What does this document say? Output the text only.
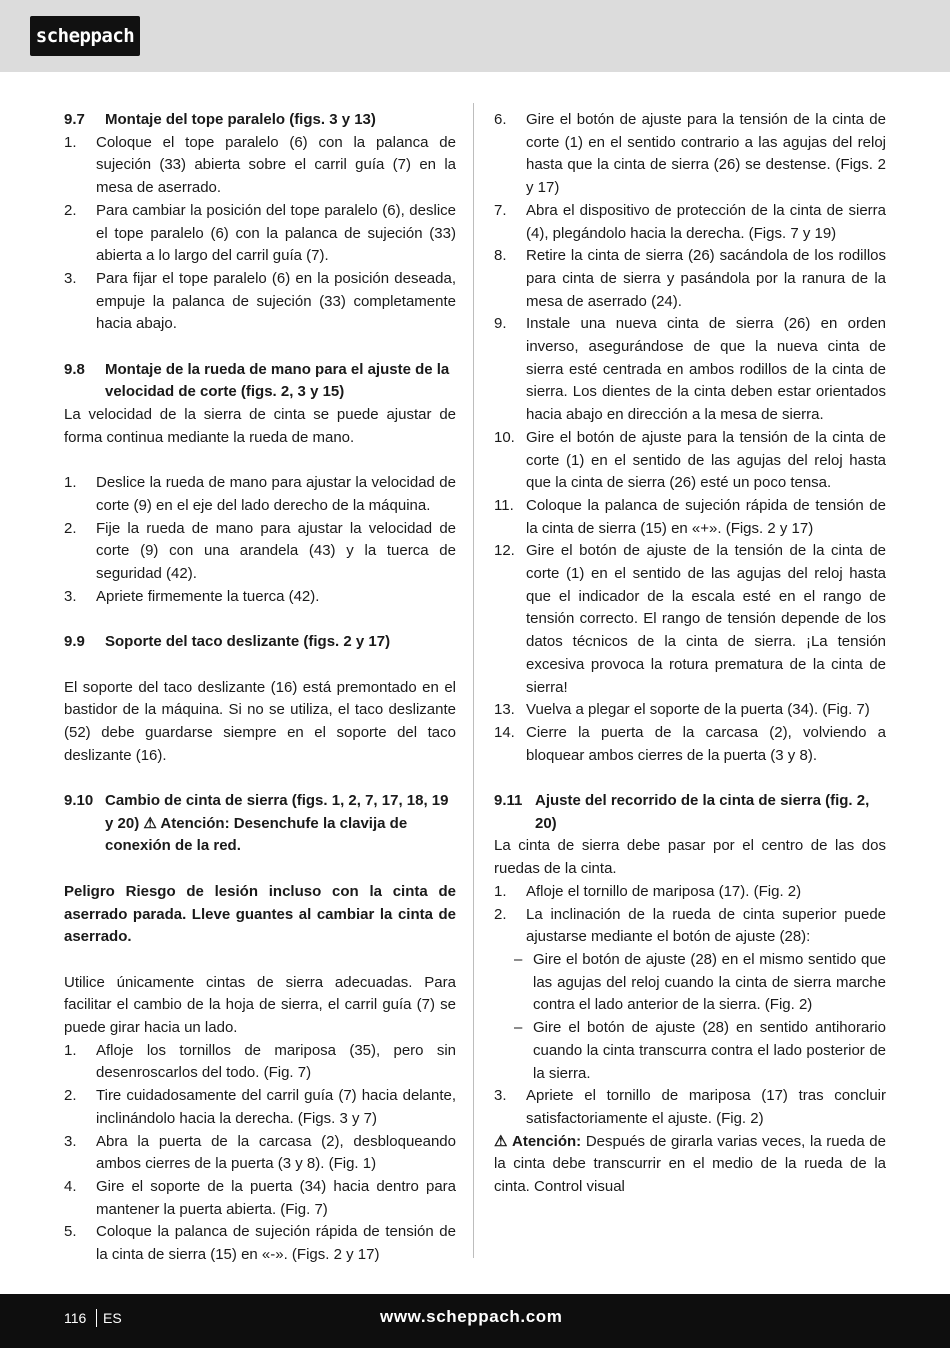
scheppach
9.7	Montaje del tope paralelo (figs. 3 y 13)
1.	Coloque el tope paralelo (6) con la palanca de sujeción (33) abierta sobre el carril guía (7) en la mesa de aserrado.
2.	Para cambiar la posición del tope paralelo (6), deslice el tope paralelo (6) con la palanca de sujeción (33) abierta a lo largo del carril guía (7).
3.	Para fijar el tope paralelo (6) en la posición deseada, empuje la palanca de sujeción (33) completamente hacia abajo.
9.8	Montaje de la rueda de mano para el ajuste de la velocidad de corte (figs. 2, 3 y 15)
La velocidad de la sierra de cinta se puede ajustar de forma continua mediante la rueda de mano.
1.	Deslice la rueda de mano para ajustar la velocidad de corte (9) en el eje del lado derecho de la máquina.
2.	Fije la rueda de mano para ajustar la velocidad de corte (9) con una arandela (43) y la tuerca de seguridad (42).
3.	Apriete firmemente la tuerca (42).
9.9	Soporte del taco deslizante (figs. 2 y 17)
El soporte del taco deslizante (16) está premontado en el bastidor de la máquina. Si no se utiliza, el taco deslizante (52) debe guardarse siempre en el soporte del taco deslizante (16).
9.10 Cambio de cinta de sierra (figs. 1, 2, 7, 17, 18, 19 y 20) ⚠ Atención: Desenchufe la clavija de conexión de la red.
Peligro Riesgo de lesión incluso con la cinta de aserrado parada. Lleve guantes al cambiar la cinta de aserrado.
Utilice únicamente cintas de sierra adecuadas. Para facilitar el cambio de la hoja de sierra, el carril guía (7) se puede girar hacia un lado.
1.	Afloje los tornillos de mariposa (35), pero sin desenroscarlos del todo. (Fig. 7)
2.	Tire cuidadosamente del carril guía (7) hacia delante, inclinándolo hacia la derecha. (Figs. 3 y 7)
3.	Abra la puerta de la carcasa (2), desbloqueando ambos cierres de la puerta (3 y 8). (Fig. 1)
4.	Gire el soporte de la puerta (34) hacia dentro para mantener la puerta abierta. (Fig. 7)
5.	Coloque la palanca de sujeción rápida de tensión de la cinta de sierra (15) en «-». (Figs. 2 y 17)
6.	Gire el botón de ajuste para la tensión de la cinta de corte (1) en el sentido contrario a las agujas del reloj hasta que la cinta de sierra (26) se destense. (Figs. 2 y 17)
7.	Abra el dispositivo de protección de la cinta de sierra (4), plegándolo hacia la derecha. (Figs. 7 y 19)
8.	Retire la cinta de sierra (26) sacándola de los rodillos para cinta de sierra y pasándola por la ranura de la mesa de aserrado (24).
9.	Instale una nueva cinta de sierra (26) en orden inverso, asegurándose de que la nueva cinta de sierra esté centrada en ambos rodillos de la cinta de sierra. Los dientes de la cinta deben estar orientados hacia abajo en dirección a la mesa de sierra.
10. Gire el botón de ajuste para la tensión de la cinta de corte (1) en el sentido de las agujas del reloj hasta que la cinta de sierra (26) esté un poco tensa.
11. Coloque la palanca de sujeción rápida de tensión de la cinta de sierra (15) en «+». (Figs. 2 y 17)
12. Gire el botón de ajuste de la tensión de la cinta de corte (1) en el sentido de las agujas del reloj hasta que el indicador de la escala esté en el rango de tensión correcto. El rango de tensión depende de los datos técnicos de la cinta de sierra. ¡La tensión excesiva provoca la rotura prematura de la cinta de sierra!
13. Vuelva a plegar el soporte de la puerta (34). (Fig. 7)
14. Cierre la puerta de la carcasa (2), volviendo a bloquear ambos cierres de la puerta (3 y 8).
9.11 Ajuste del recorrido de la cinta de sierra (fig. 2, 20)
La cinta de sierra debe pasar por el centro de las dos ruedas de la cinta.
1.	Afloje el tornillo de mariposa (17). (Fig. 2)
2.	La inclinación de la rueda de cinta superior puede ajustarse mediante el botón de ajuste (28):
– Gire el botón de ajuste (28) en el mismo sentido que las agujas del reloj cuando la cinta de sierra marche contra el lado anterior de la sierra. (Fig. 2)
– Gire el botón de ajuste (28) en sentido antihorario cuando la cinta transcurra contra el lado posterior de la sierra.
3.	Apriete el tornillo de mariposa (17) tras concluir satisfactoriamente el ajuste. (Fig. 2)
⚠ Atención: Después de girarla varias veces, la rueda de la cinta debe transcurrir en el medio de la rueda de la cinta. Control visual
116 ES	www.scheppach.com
